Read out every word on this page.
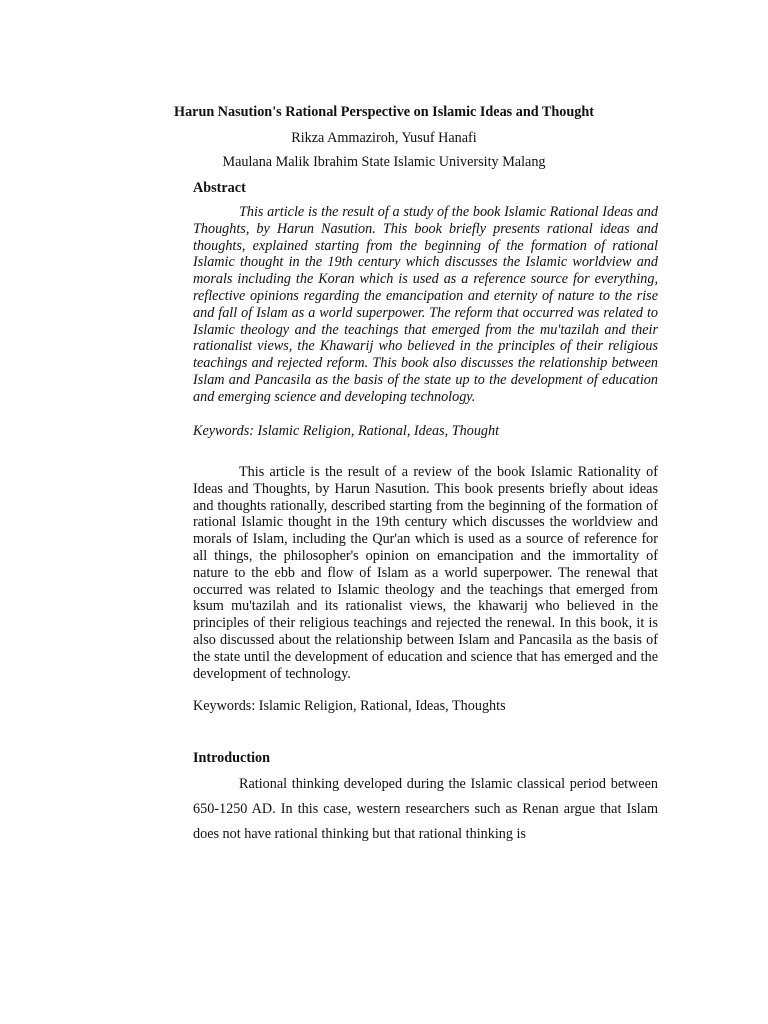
Harun Nasution's Rational Perspective on Islamic Ideas and Thought

Rikza Ammaziroh, Yusuf Hanafi

Maulana Malik Ibrahim State Islamic University Malang

Abstract

This article is the result of a study of the book Islamic Rational Ideas and Thoughts, by Harun Nasution. This book briefly presents rational ideas and thoughts, explained starting from the beginning of the formation of rational Islamic thought in the 19th century which discusses the Islamic worldview and morals including the Koran which is used as a reference source for everything, reflective opinions regarding the emancipation and eternity of nature to the rise and fall of Islam as a world superpower. The reform that occurred was related to Islamic theology and the teachings that emerged from the mu'tazilah and their rationalist views, the Khawarij who believed in the principles of their religious teachings and rejected reform. This book also discusses the relationship between Islam and Pancasila as the basis of the state up to the development of education and emerging science and developing technology.

Keywords: Islamic Religion, Rational, Ideas, Thought

This article is the result of a review of the book Islamic Rationality of Ideas and Thoughts, by Harun Nasution. This book presents briefly about ideas and thoughts rationally, described starting from the beginning of the formation of rational Islamic thought in the 19th century which discusses the worldview and morals of Islam, including the Qur'an which is used as a source of reference for all things, the philosopher's opinion on emancipation and the immortality of nature to the ebb and flow of Islam as a world superpower. The renewal that occurred was related to Islamic theology and the teachings that emerged from ksum mu'tazilah and its rationalist views, the khawarij who believed in the principles of their religious teachings and rejected the renewal. In this book, it is also discussed about the relationship between Islam and Pancasila as the basis of the state until the development of education and science that has emerged and the development of technology.

Keywords: Islamic Religion, Rational, Ideas, Thoughts

Introduction

Rational thinking developed during the Islamic classical period between 650-1250 AD. In this case, western researchers such as Renan argue that Islam does not have rational thinking but that rational thinking is
